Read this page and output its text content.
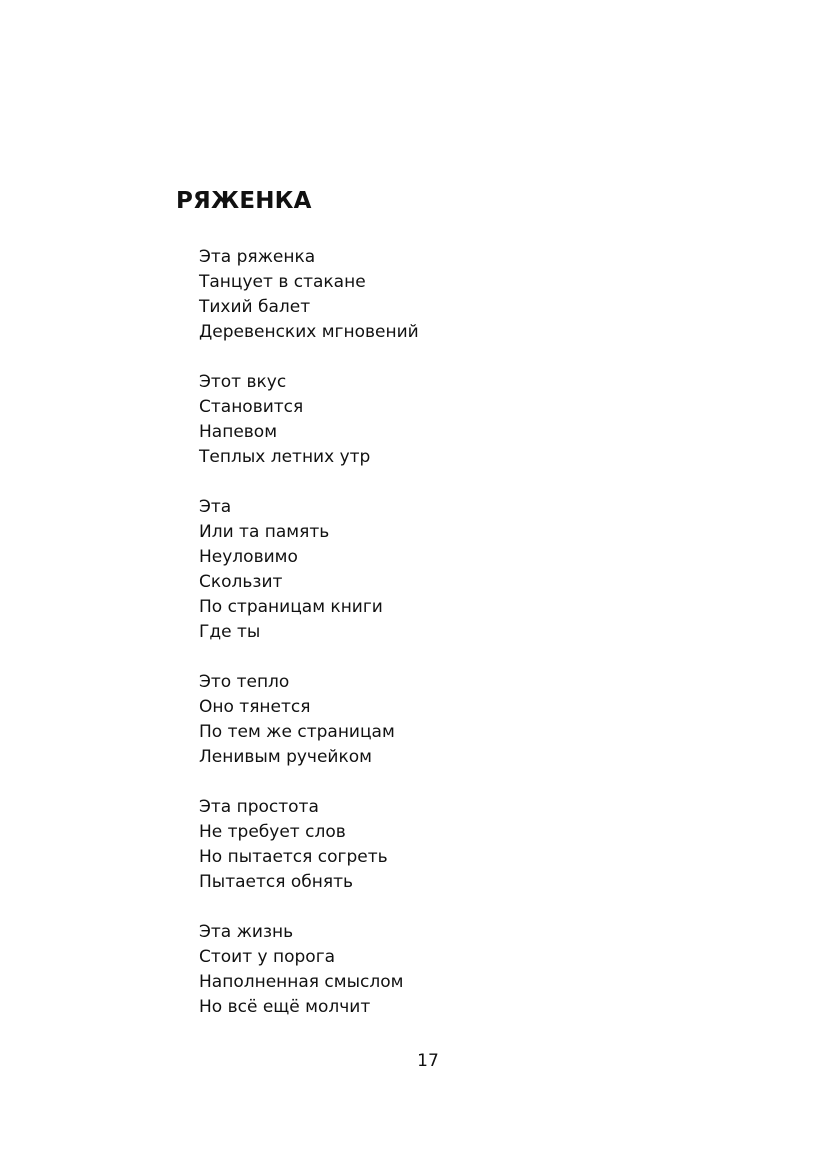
РЯЖЕНКА
Эта ряженка
Танцует в стакане
Тихий балет
Деревенских мгновений
Этот вкус
Становится
Напевом
Теплых летних утр
Эта
Или та память
Неуловимо
Скользит
По страницам книги
Где ты
Это тепло
Оно тянется
По тем же страницам
Ленивым ручейком
Эта простота
Не требует слов
Но пытается согреть
Пытается обнять
Эта жизнь
Стоит у порога
Наполненная смыслом
Но всё ещё молчит
17
